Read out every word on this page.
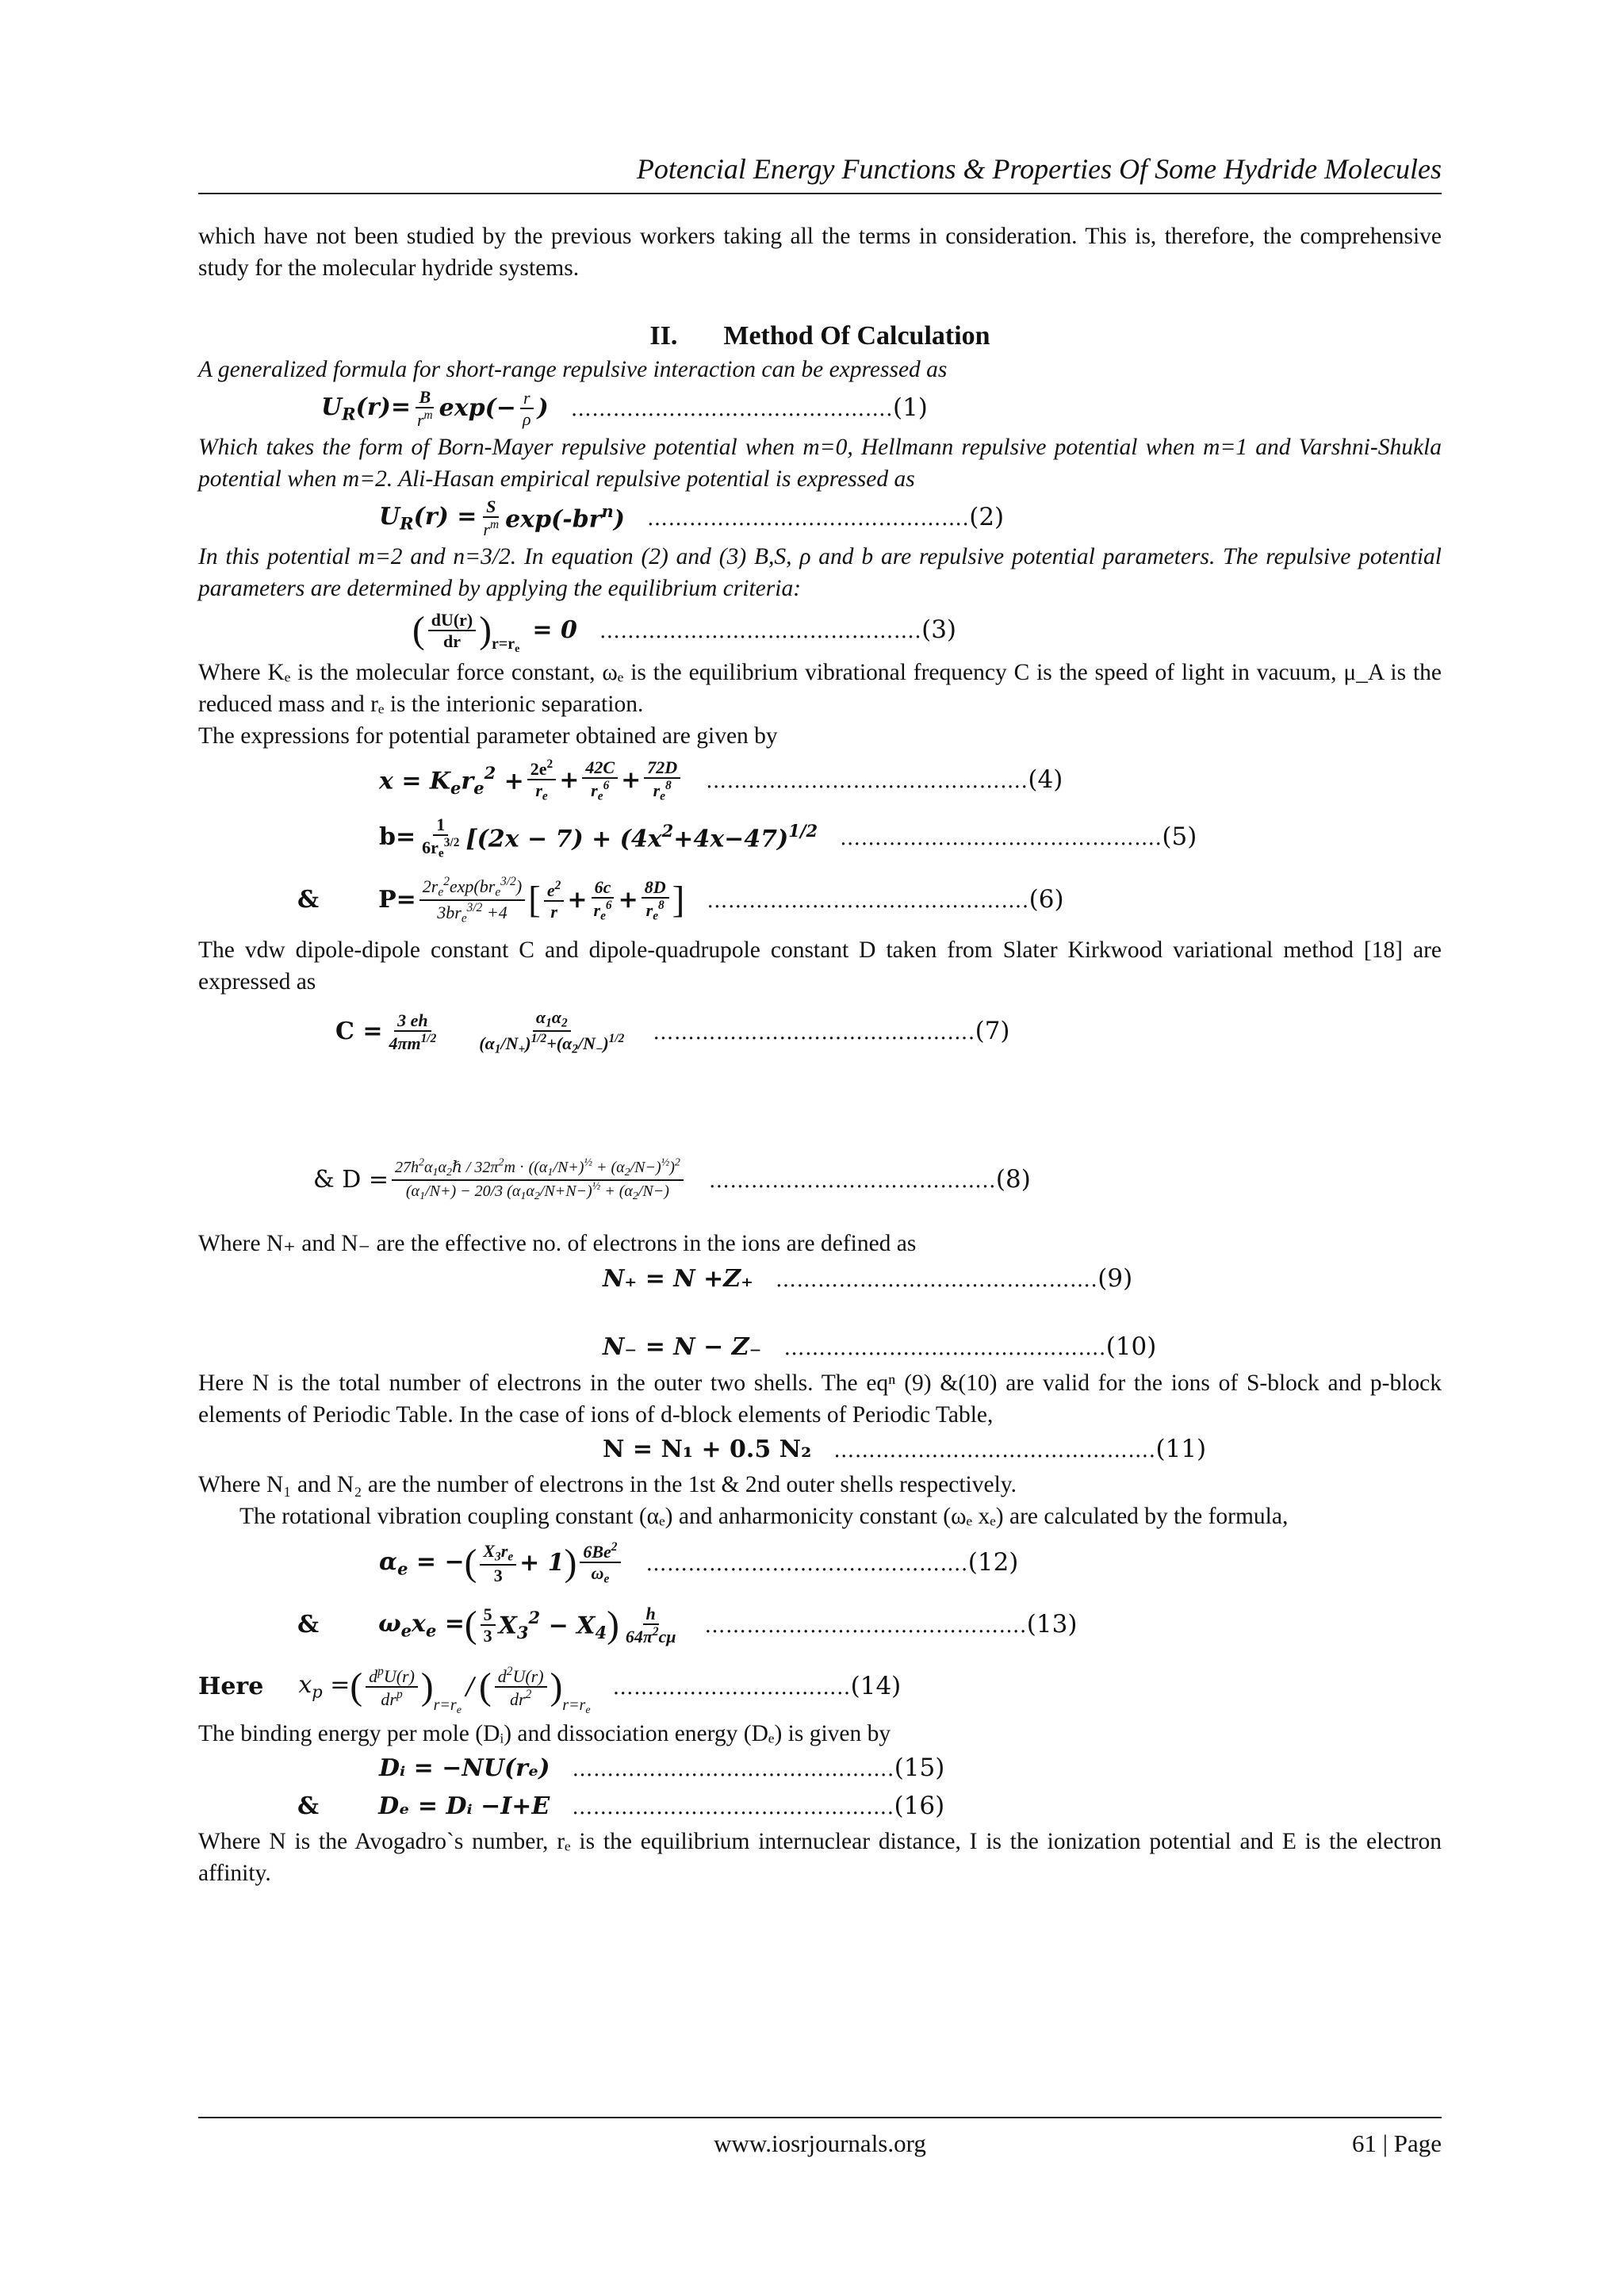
Potencial Energy Functions & Properties Of Some Hydride Molecules

which have not been studied by the previous workers taking all the terms in consideration. This is, therefore, the comprehensive study for the molecular hydride systems.

II. Method Of Calculation

A generalized formula for short-range repulsive interaction can be expressed as

$U_R(r)= \frac{B}{r^m} \exp(- \frac{r}{\rho}$ ) ……………………………………….(1)

Which takes the form of Born-Mayer repulsive potential when m=0, Hellmann repulsive potential when m=1 and Varshni-Shukla potential when m=2. Ali-Hasan empirical repulsive potential is expressed as

$U_R(r) = \frac{S}{r^m} \exp(-br^n)$ ……………………………………….(2)

In this potential m=2 and n=3/2. In equation (2) and (3) B,S, ρ and b are repulsive potential parameters. The repulsive potential parameters are determined by applying the equilibrium criteria:

( $\frac{dU(r)}{dr}$ ) $r=r_e$
= 0 ……………………………………….(3)

Where Kₑ is the molecular force constant, ωₑ is the equilibrium vibrational frequency C is the speed of light in vacuum, μ_A is the reduced mass and rₑ is the interionic separation.

The expressions for potential parameter obtained are given by

$x = K_er_e^2 + \frac{2e^2}{r_e} + \frac{42C}{r_e^6} + \frac{72D}{r_e^8}$ ……………………………………….(4)
$b= \frac{1}{6r_e^{3/2}} [(2x - 7) + (4x^2+4x-47)^{1/2}$ ……………………………………….(5)
&	$P= \frac{2r_e^2\exp(br_e^{3/2})}{3br_e^{3/2} +4}$ [ $\frac{e^2}{r} + \frac{6c}{r_e^6} + \frac{8D}{r_e^8}$ ] ……………………………………….(6)

The vdw dipole-dipole constant C and dipole-quadrupole constant D taken from Slater Kirkwood variational method [18] are expressed as

$C = \frac{3 eh}{4\pi m^{1/2}} \frac{\alpha_1\alpha_2}{(\alpha_1/N_+)^{1/2}+(\alpha_2/N_-)^{1/2}}$ ……………………………………….(7)
& $D = \frac{27h^2\alpha_1\alpha_2\hbar / 32\pi^2m \cdot ((\alpha_1/N+)^{\frac{1}{2}} + (\alpha_2/N-)^{\frac{1}{2}})^2}{(\alpha_1/N+) - 20/3 (\alpha_1\alpha_2/N+N-)^{\frac{1}{2}} + (\alpha_2/N-)}$ …………………………………..(8)

Where N₊ and N₋ are the effective no. of electrons in the ions are defined as

N₊ = N +Z₊ ……………………………………….(9)
N₋ = N − Z₋ ……………………………………….(10)

Here N is the total number of electrons in the outer two shells. The eqⁿ (9) &(10) are valid for the ions of S-block and p-block elements of Periodic Table. In the case of ions of d-block elements of Periodic Table,

N = N₁ + 0.5 N₂ ……………………………………….(11)

Where N₁ and N₂ are the number of electrons in the 1st & 2nd outer shells respectively.

The rotational vibration coupling constant (αₑ) and anharmonicity constant (ωₑ xₑ) are calculated by the formula,

$\alpha_e$ = − ( $\frac{X_3r_e}{3} + 1$ ) $\frac{6Be^2}{\omega_e}$ ……………………………………….(12)
&	$\omega_ex_e$ = ( $\frac{5}{3} X_3^2 - X_4$ ) $\frac{h}{64\pi^2c\mu}$ ……………………………………….(13)
Here $x_p$ = ( $\frac{d^pU(r)}{dr^p}$ ) $r=r_e$
/ ( $\frac{d^2U(r)}{dr^2}$ ) $r=r_e$
……………………..……..(14)

The binding energy per mole (Dᵢ) and dissociation energy (Dₑ) is given by

Dᵢ = −NU(rₑ) ……………………………………….(15)
&	Dₑ = Dᵢ −I+E ……………………………………….(16)

Where N is the Avogadro`s number, rₑ is the equilibrium internuclear distance, I is the ionization potential and E is the electron affinity.

www.iosrjournals.org	61 | Page
